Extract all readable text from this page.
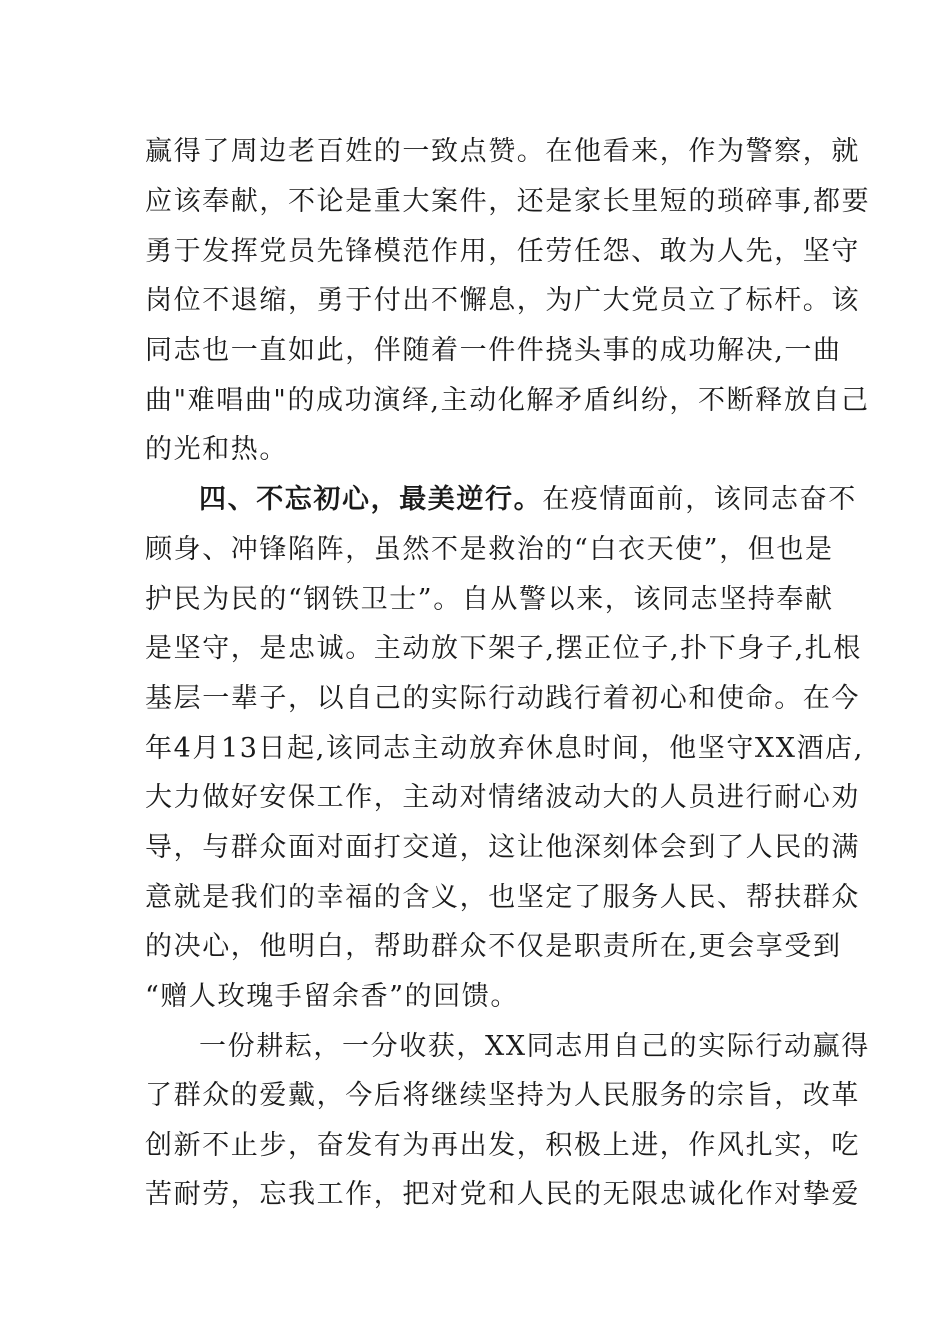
赢得了周边老百姓的一致点赞。在他看来，作为警察，就
应该奉献，不论是重大案件，还是家长里短的琐碎事,都要
勇于发挥党员先锋模范作用，任劳任怨、敢为人先，坚守
岗位不退缩，勇于付出不懈息，为广大党员立了标杆。该
同志也一直如此，伴随着一件件挠头事的成功解决,一曲
曲"难唱曲"的成功演绎,主动化解矛盾纠纷，不断释放自己
的光和热。
四、不忘初心，最美逆行。在疫情面前，该同志奋不
顾身、冲锋陷阵，虽然不是救治的“白衣天使”，但也是
护民为民的“钢铁卫士”。自从警以来，该同志坚持奉献
是坚守，是忠诚。主动放下架子,摆正位子,扑下身子,扎根
基层一辈子，以自己的实际行动践行着初心和使命。在今
年4月13日起,该同志主动放弃休息时间，他坚守XX酒店,
大力做好安保工作，主动对情绪波动大的人员进行耐心劝
导，与群众面对面打交道，这让他深刻体会到了人民的满
意就是我们的幸福的含义，也坚定了服务人民、帮扶群众
的决心，他明白，帮助群众不仅是职责所在,更会享受到
“赠人玫瑰手留余香”的回馈。
一份耕耘，一分收获，XX同志用自己的实际行动赢得
了群众的爱戴，今后将继续坚持为人民服务的宗旨，改革
创新不止步，奋发有为再出发，积极上进，作风扎实，吃
苦耐劳，忘我工作，把对党和人民的无限忠诚化作对挚爱
